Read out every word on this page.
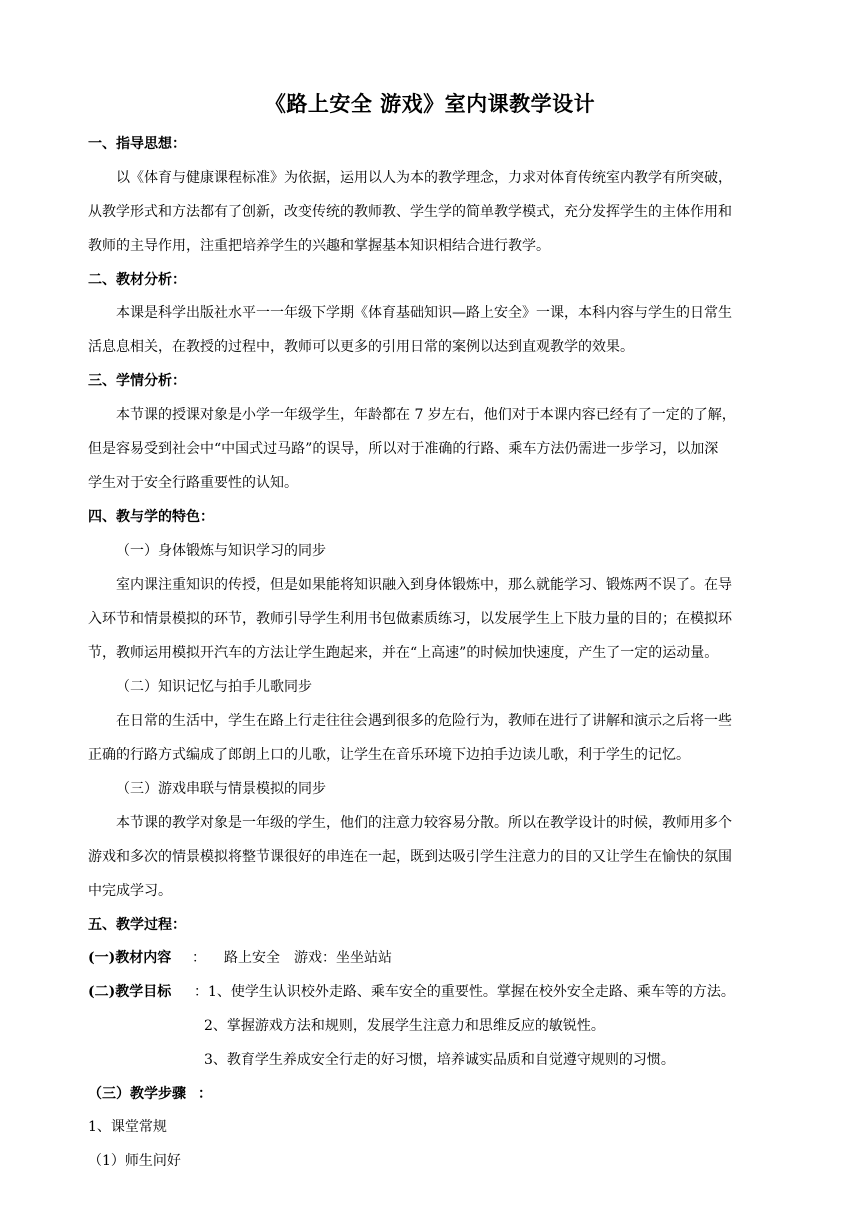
《路上安全 游戏》室内课教学设计
一、指导思想：
以《体育与健康课程标准》为依据，运用以人为本的教学理念，力求对体育传统室内教学有所突破，
从教学形式和方法都有了创新，改变传统的教师教、学生学的简单教学模式，充分发挥学生的主体作用和
教师的主导作用，注重把培养学生的兴趣和掌握基本知识相结合进行教学。
二、教材分析：
本课是科学出版社水平一一年级下学期《体育基础知识—路上安全》一课，本科内容与学生的日常生
活息息相关，在教授的过程中，教师可以更多的引用日常的案例以达到直观教学的效果。
三、学情分析：
本节课的授课对象是小学一年级学生，年龄都在 7 岁左右，他们对于本课内容已经有了一定的了解，
但是容易受到社会中“中国式过马路”的误导，所以对于准确的行路、乘车方法仍需进一步学习，以加深
学生对于安全行路重要性的认知。
四、教与学的特色：
（一）身体锻炼与知识学习的同步
室内课注重知识的传授，但是如果能将知识融入到身体锻炼中，那么就能学习、锻炼两不误了。在导
入环节和情景模拟的环节，教师引导学生利用书包做素质练习，以发展学生上下肢力量的目的；在模拟环
节，教师运用模拟开汽车的方法让学生跑起来，并在“上高速”的时候加快速度，产生了一定的运动量。
（二）知识记忆与拍手儿歌同步
在日常的生活中，学生在路上行走往往会遇到很多的危险行为，教师在进行了讲解和演示之后将一些
正确的行路方式编成了郎朗上口的儿歌，让学生在音乐环境下边拍手边读儿歌，利于学生的记忆。
（三）游戏串联与情景模拟的同步
本节课的教学对象是一年级的学生，他们的注意力较容易分散。所以在教学设计的时候，教师用多个
游戏和多次的情景模拟将整节课很好的串连在一起，既到达吸引学生注意力的目的又让学生在愉快的氛围
中完成学习。
五、教学过程：
(一)教材内容 ： 路上安全　游戏：坐坐站站
(二)教学目标 ：1、使学生认识校外走路、乘车安全的重要性。掌握在校外安全走路、乘车等的方法。
2、掌握游戏方法和规则，发展学生注意力和思维反应的敏锐性。
3、教育学生养成安全行走的好习惯，培养诚实品质和自觉遵守规则的习惯。
（三）教学步骤 ：
1、课堂常规
（1）师生问好
